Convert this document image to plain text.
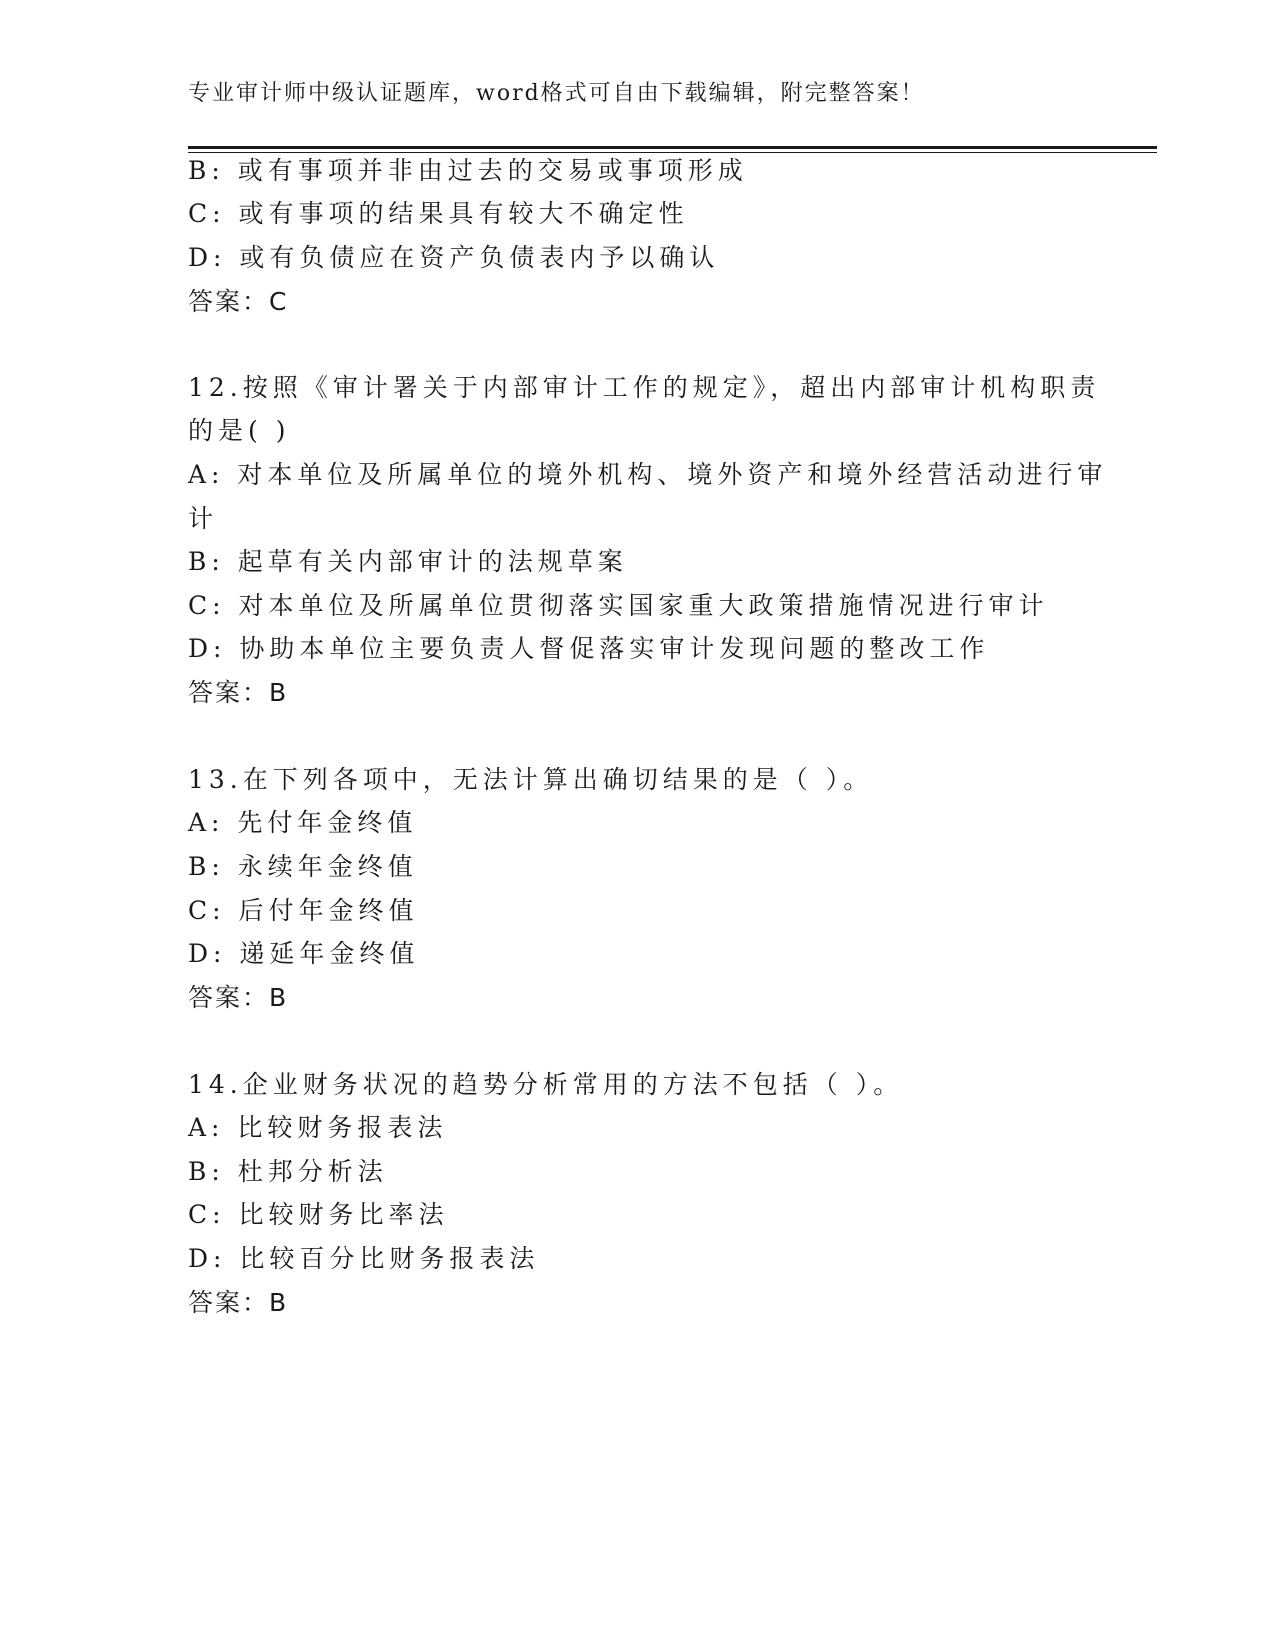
专业审计师中级认证题库，word格式可自由下载编辑，附完整答案！
B: 或有事项并非由过去的交易或事项形成
C: 或有事项的结果具有较大不确定性
D: 或有负债应在资产负债表内予以确认
答案：C
12.按照《审计署关于内部审计工作的规定》，超出内部审计机构职责
的是( )
A: 对本单位及所属单位的境外机构、境外资产和境外经营活动进行审
计
B: 起草有关内部审计的法规草案
C: 对本单位及所属单位贯彻落实国家重大政策措施情况进行审计
D: 协助本单位主要负责人督促落实审计发现问题的整改工作
答案：B
13.在下列各项中，无法计算出确切结果的是（ ）。
A: 先付年金终值
B: 永续年金终值
C: 后付年金终值
D: 递延年金终值
答案：B
14.企业财务状况的趋势分析常用的方法不包括（ ）。
A: 比较财务报表法
B: 杜邦分析法
C: 比较财务比率法
D: 比较百分比财务报表法
答案：B
